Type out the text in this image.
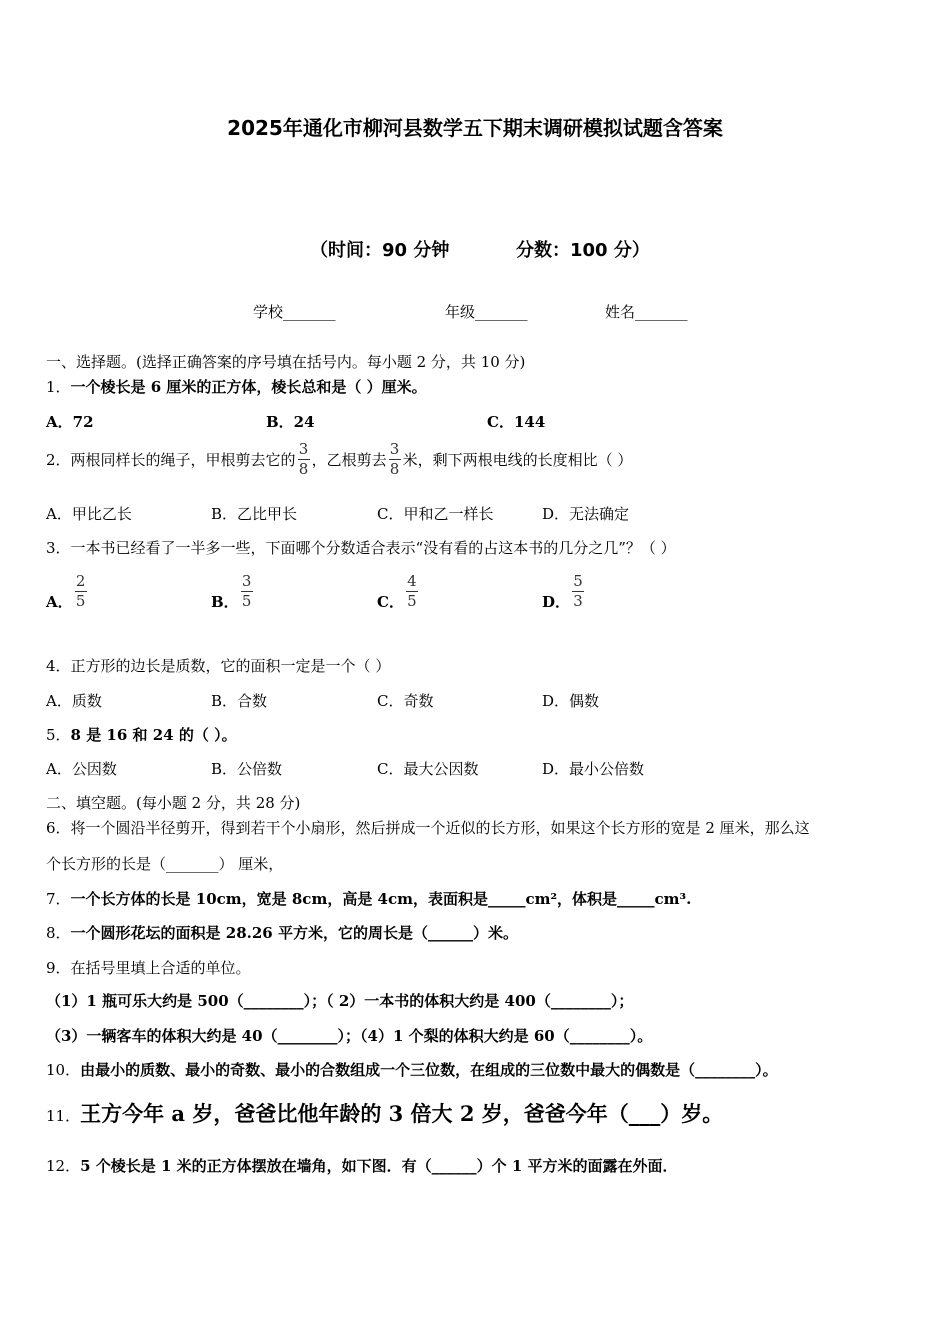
2025年通化市柳河县数学五下期末调研模拟试题含答案
（时间：90 分钟	分数：100 分）
学校_______	年级_______	姓名_______
一、选择题。(选择正确答案的序号填在括号内。每小题 2 分，共 10 分)
1．一个棱长是 6 厘米的正方体，棱长总和是（ ）厘米。
A．72	B．24	C．144
2． 两根同样长的绳子，甲根剪去它的 $\frac{3}{8}$ ，乙根剪去 $\frac{3}{8}$ 米，剩下两根电线的长度相比（ ）
A．甲比乙长	B．乙比甲长	C．甲和乙一样长	D．无法确定
3．一本书已经看了一半多一些，下面哪个分数适合表示“没有看的占这本书的几分之几”？（ ）
A． $\frac{2}{5}$	B． $\frac{3}{5}$	C． $\frac{4}{5}$	D． $\frac{5}{3}$
4．正方形的边长是质数，它的面积一定是一个（ ）
A．质数	B．合数	C．奇数	D．偶数
5．8 是 16 和 24 的（ ）。
A．公因数	B．公倍数	C．最大公因数	D．最小公倍数
二、填空题。(每小题 2 分，共 28 分)
6．将一个圆沿半径剪开，得到若干个小扇形，然后拼成一个近似的长方形，如果这个长方形的宽是 2 厘米，那么这
个长方形的长是（_______） 厘米，
7．一个长方体的长是 10cm，宽是 8cm，高是 4cm，表面积是_____cm²，体积是_____cm³.
8．一个圆形花坛的面积是 28.26 平方米，它的周长是（______）米。
9．在括号里填上合适的单位。
（1）1 瓶可乐大约是 500（________）；（ 2）一本书的体积大约是 400（________）；
（3）一辆客车的体积大约是 40（________）；（4）1 个梨的体积大约是 60（________）。
10．由最小的质数、最小的奇数、最小的合数组成一个三位数，在组成的三位数中最大的偶数是（________）。
11． 王方今年 a 岁，爸爸比他年龄的 3 倍大 2 岁，爸爸今年（___）岁。
12．5 个棱长是 1 米的正方体摆放在墙角，如下图．有（______）个 1 平方米的面露在外面．
